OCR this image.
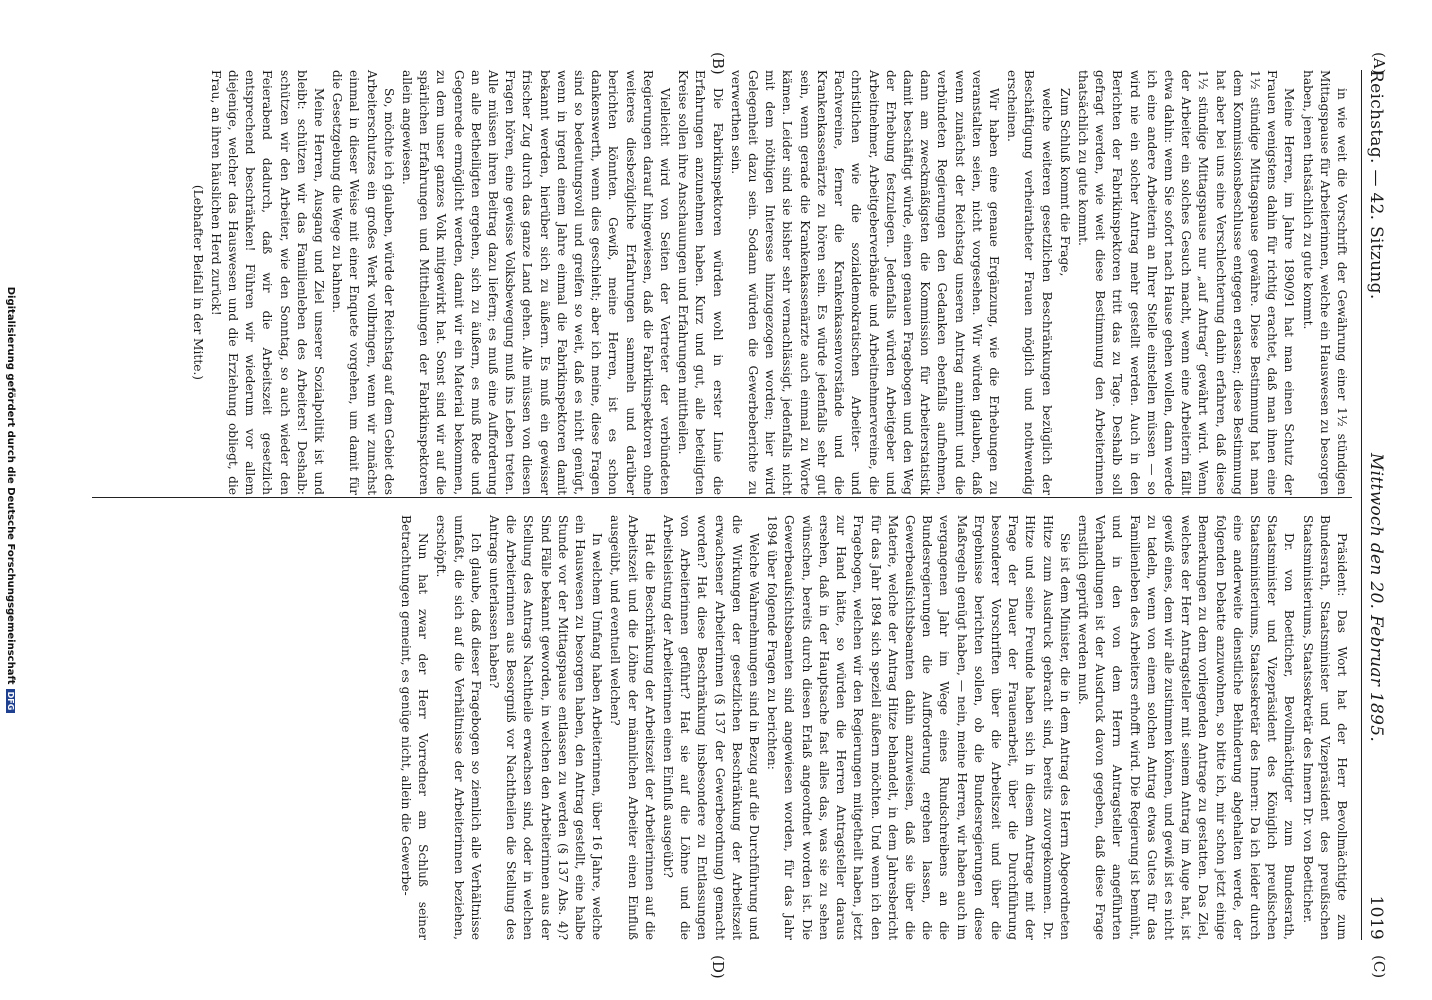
Reichstag. — 42. Sitzung.
Mittwoch den 20. Februar 1895.
1019
(A)
(B)
(C)
(D)

in wie weit die Vorschrift der Gewährung einer 1½ stündigen Mittagspause für Arbeiterinnen, welche ein Hauswesen zu besorgen haben, jenen thatsächlich zu gute kommt.

Meine Herren, im Jahre 1890/91 hat man einen Schutz der Frauen wenigstens dahin für richtig erachtet, daß man ihnen eine 1½ stündige Mittagspause gewähre. Diese Bestimmung hat man dem Kommissionsbeschlusse entgegen erlassen; diese Bestimmung hat aber bei uns eine Verschlechterung dahin erfahren, daß diese 1½ stündige Mittagspause nur „auf Antrag“ gewährt wird. Wenn der Arbeiter ein solches Gesuch macht, wenn eine Arbeiterin fällt etwa dahin: wenn Sie sofort nach Hause gehen wollen, dann werde ich eine andere Arbeiterin an Ihrer Stelle einstellen müssen — so wird nie ein solcher Antrag mehr gestellt werden. Auch in den Berichten der Fabrikinspektoren tritt das zu Tage. Deshalb soll gefragt werden, wie weit diese Bestimmung den Arbeiterinnen thatsächlich zu gute kommt.

Zum Schluß kommt die Frage,

welche weiteren gesetzlichen Beschränkungen bezüglich der Beschäftigung verheiratheter Frauen möglich und nothwendig erscheinen.

Wir haben eine genaue Ergänzung, wie die Erhebungen zu veranstalten seien, nicht vorgesehen. Wir würden glauben, daß wenn zunächst der Reichstag unseren Antrag annimmt und die verbündeten Regierungen den Gedanken ebenfalls aufnehmen, dann am zweckmäßigsten die Kommission für Arbeiterstatistik damit beschäftigt würde, einen genauen Fragebogen und den Weg der Erhebung festzulegen. Jedenfalls würden Arbeitgeber und Arbeitnehmer, Arbeitgeberverbände und Arbeitnehmervereine, die christlichen wie die sozialdemokratischen Arbeiter- und Fachvereine, ferner die Krankenkassenvorstände und die Krankenkassenärzte zu hören sein. Es würde jedenfalls sehr gut sein, wenn gerade die Krankenkassenärzte auch einmal zu Worte kämen. Leider sind sie bisher sehr vernachlässigt, jedenfalls nicht mit dem nöthigen Interesse hinzugezogen worden; hier wird Gelegenheit dazu sein. Sodann würden die Gewerbeberichte zu verwerthen sein.

Die Fabrikinspektoren würden wohl in erster Linie die Erfahrungen anzunehmen haben. Kurz und gut, alle beteiligten Kreise sollen ihre Anschauungen und Erfahrungen mittheilen.

Vielleicht wird von Seiten der Vertreter der verbündeten Regierungen darauf hingewiesen, daß die Fabrikinspektoren ohne weiteres diesbezügliche Erfahrungen sammeln und darüber berichten könnten. Gewiß, meine Herren, ist es schon dankenswerth, wenn dies geschieht; aber ich meine, diese Fragen sind so bedeutungsvoll und greifen so weit, daß es nicht genügt, wenn in irgend einem Jahre einmal die Fabrikinspektoren damit bekannt werden, hierüber sich zu äußern. Es muß ein gewisser frischer Zug durch das ganze Land gehen. Alle müssen von diesen Fragen hören, eine gewisse Volksbewegung muß ins Leben treten. Alle müssen ihren Beitrag dazu liefern; es muß eine Aufforderung an alle Betheiligten ergehen, sich zu äußern, es muß Rede und Gegenrede ermöglicht werden, damit wir ein Material bekommen, zu dem unser ganzes Volk mitgewirkt hat. Sonst sind wir auf die spärlichen Erfahrungen und Mittheilungen der Fabrikinspektoren allein angewiesen.

So, möchte ich glauben, würde der Reichstag auf dem Gebiet des Arbeiterschutzes ein großes Werk vollbringen, wenn wir zunächst einmal in dieser Weise mit einer Enquete vorgehen, um damit für die Gesetzgebung die Wege zu bahnen.

Meine Herren, Ausgang und Ziel unserer Sozialpolitik ist und bleibt: schützen wir das Familienleben des Arbeiters! Deshalb: schützen wir den Arbeiter, wie den Sonntag, so auch wieder den Feierabend dadurch, daß wir die Arbeitszeit gesetzlich entsprechend beschränken! Führen wir wiederum vor allem diejenige, welcher das Hauswesen und die Erziehung obliegt, die Frau, an ihren häuslichen Herd zurück!

(Lebhafter Beifall in der Mitte.)

Präsident: Das Wort hat der Herr Bevollmächtigte zum Bundesrath, Staatsminister und Vizepräsident des preußischen Staatsministeriums, Staatssekretär des Innern Dr. von Boetticher.

Dr. von Boetticher, Bevollmächtigter zum Bundesrath, Staatsminister und Vizepräsident des Königlich preußischen Staatsministeriums, Staatssekretär des Innern: Da ich leider durch eine anderweite dienstliche Behinderung abgehalten werde, der folgenden Debatte anzuwohnen, so bitte ich, mir schon jetzt einige Bemerkungen zu dem vorliegenden Antrage zu gestatten. Das Ziel, welches der Herr Antragsteller mit seinem Antrag im Auge hat, ist gewiß eines, dem wir alle zustimmen können, und gewiß ist es nicht zu tadeln, wenn von einem solchen Antrag etwas Gutes für das Familienleben des Arbeiters erhofft wird. Die Regierung ist bemüht, und in den von dem Herrn Antragsteller angeführten Verhandlungen ist der Ausdruck davon gegeben, daß diese Frage ernstlich geprüft werden muß.

Sie ist dem Minister, die in dem Antrag des Herrn Abgeordneten Hitze zum Ausdruck gebracht sind, bereits zuvorgekommen. Dr. Hitze und seine Freunde haben sich in diesem Antrage mit der Frage der Dauer der Frauenarbeit, über die Durchführung besonderer Vorschriften über die Arbeitszeit und über die Ergebnisse berichten sollen, ob die Bundesregierungen diese Maßregeln genügt haben, — nein, meine Herren, wir haben auch im vergangenen Jahr im Wege eines Rundschreibens an die Bundesregierungen die Aufforderung ergehen lassen, die Gewerbeaufsichtsbeamten dahin anzuweisen, daß sie über die Materie, welche der Antrag Hitze behandelt, in dem Jahresbericht für das Jahr 1894 sich speziell äußern möchten. Und wenn ich den Fragebogen, welchen wir den Regierungen mitgetheilt haben, jetzt zur Hand hätte, so würden die Herren Antragsteller daraus ersehen, daß in der Hauptsache fast alles das, was sie zu sehen wünschen, bereits durch diesen Erlaß angeordnet worden ist. Die Gewerbeaufsichtsbeamten sind angewiesen worden, für das Jahr 1894 über folgende Fragen zu berichten:

Welche Wahrnehmungen sind in Bezug auf die Durchführung und die Wirkungen der gesetzlichen Beschränkung der Arbeitszeit erwachsener Arbeiterinnen (§ 137 der Gewerbeordnung) gemacht worden? Hat diese Beschränkung insbesondere zu Entlassungen von Arbeiterinnen geführt? Hat sie auf die Löhne und die Arbeitsleistung der Arbeiterinnen einen Einfluß ausgeübt?

Hat die Beschränkung der Arbeitszeit der Arbeiterinnen auf die Arbeitszeit und die Löhne der männlichen Arbeiter einen Einfluß ausgeübt, und eventuell welchen?

In welchem Umfang haben Arbeiterinnen, über 16 Jahre, welche ein Hauswesen zu besorgen haben, den Antrag gestellt, eine halbe Stunde vor der Mittagspause entlassen zu werden (§ 137 Abs. 4)? Sind Fälle bekannt geworden, in welchen den Arbeiterinnen aus der Stellung des Antrags Nachtheile erwachsen sind, oder in welchen die Arbeiterinnen aus Besorgniß vor Nachtheilen die Stellung des Antrags unterlassen haben?

Ich glaube, daß dieser Fragebogen so ziemlich alle Verhältnisse umfaßt, die sich auf die Verhältnisse der Arbeiterinnen beziehen, erschöpft.

Nun hat zwar der Herr Vorredner am Schluß seiner Betrachtungen gemeint, es genüge nicht, allein die Gewerbe-

Digitalisierung gefördert durch die Deutsche Forschungsgemeinschaft
DFG
